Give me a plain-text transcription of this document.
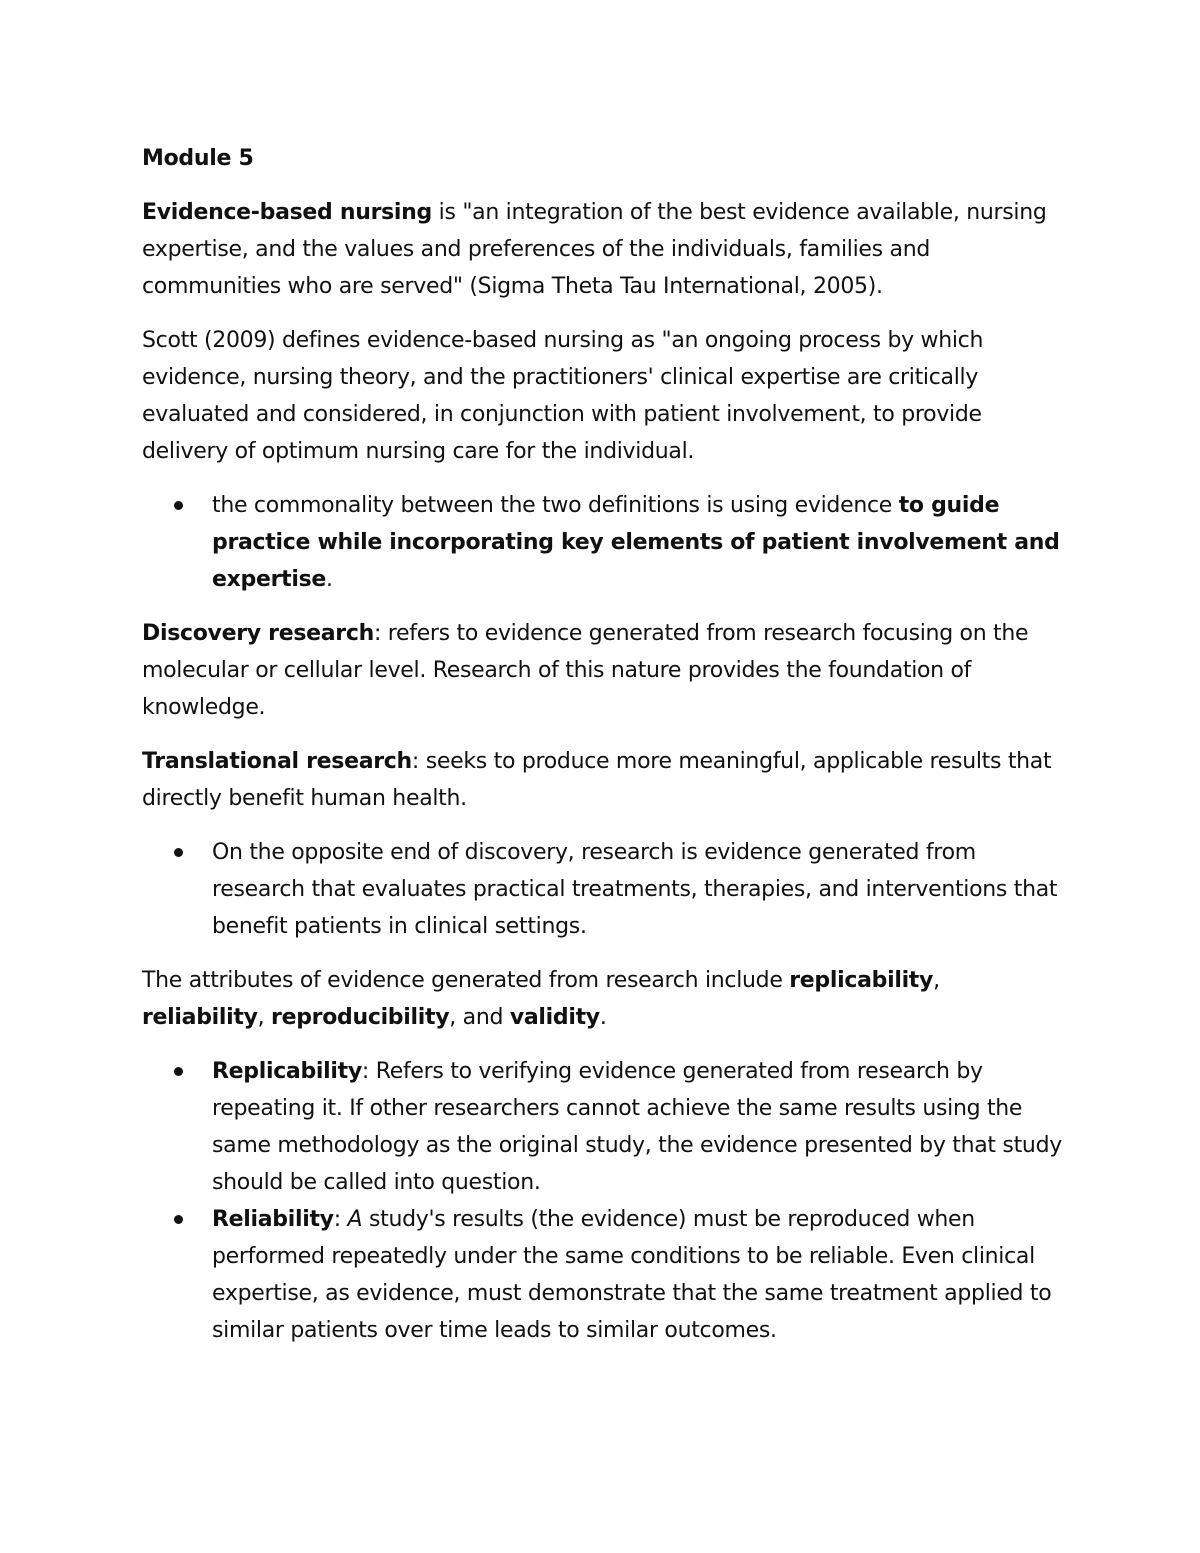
Module 5

Evidence-based nursing is "an integration of the best evidence available, nursing expertise, and the values and preferences of the individuals, families and communities who are served" (Sigma Theta Tau International, 2005).

Scott (2009) defines evidence-based nursing as "an ongoing process by which evidence, nursing theory, and the practitioners' clinical expertise are critically evaluated and considered, in conjunction with patient involvement, to provide delivery of optimum nursing care for the individual.

the commonality between the two definitions is using evidence to guide practice while incorporating key elements of patient involvement and expertise.

Discovery research: refers to evidence generated from research focusing on the molecular or cellular level. Research of this nature provides the foundation of knowledge.

Translational research: seeks to produce more meaningful, applicable results that directly benefit human health.

On the opposite end of discovery, research is evidence generated from research that evaluates practical treatments, therapies, and interventions that benefit patients in clinical settings.

The attributes of evidence generated from research include replicability, reliability, reproducibility, and validity.

Replicability: Refers to verifying evidence generated from research by repeating it. If other researchers cannot achieve the same results using the same methodology as the original study, the evidence presented by that study should be called into question.
Reliability: A study's results (the evidence) must be reproduced when performed repeatedly under the same conditions to be reliable. Even clinical expertise, as evidence, must demonstrate that the same treatment applied to similar patients over time leads to similar outcomes.
